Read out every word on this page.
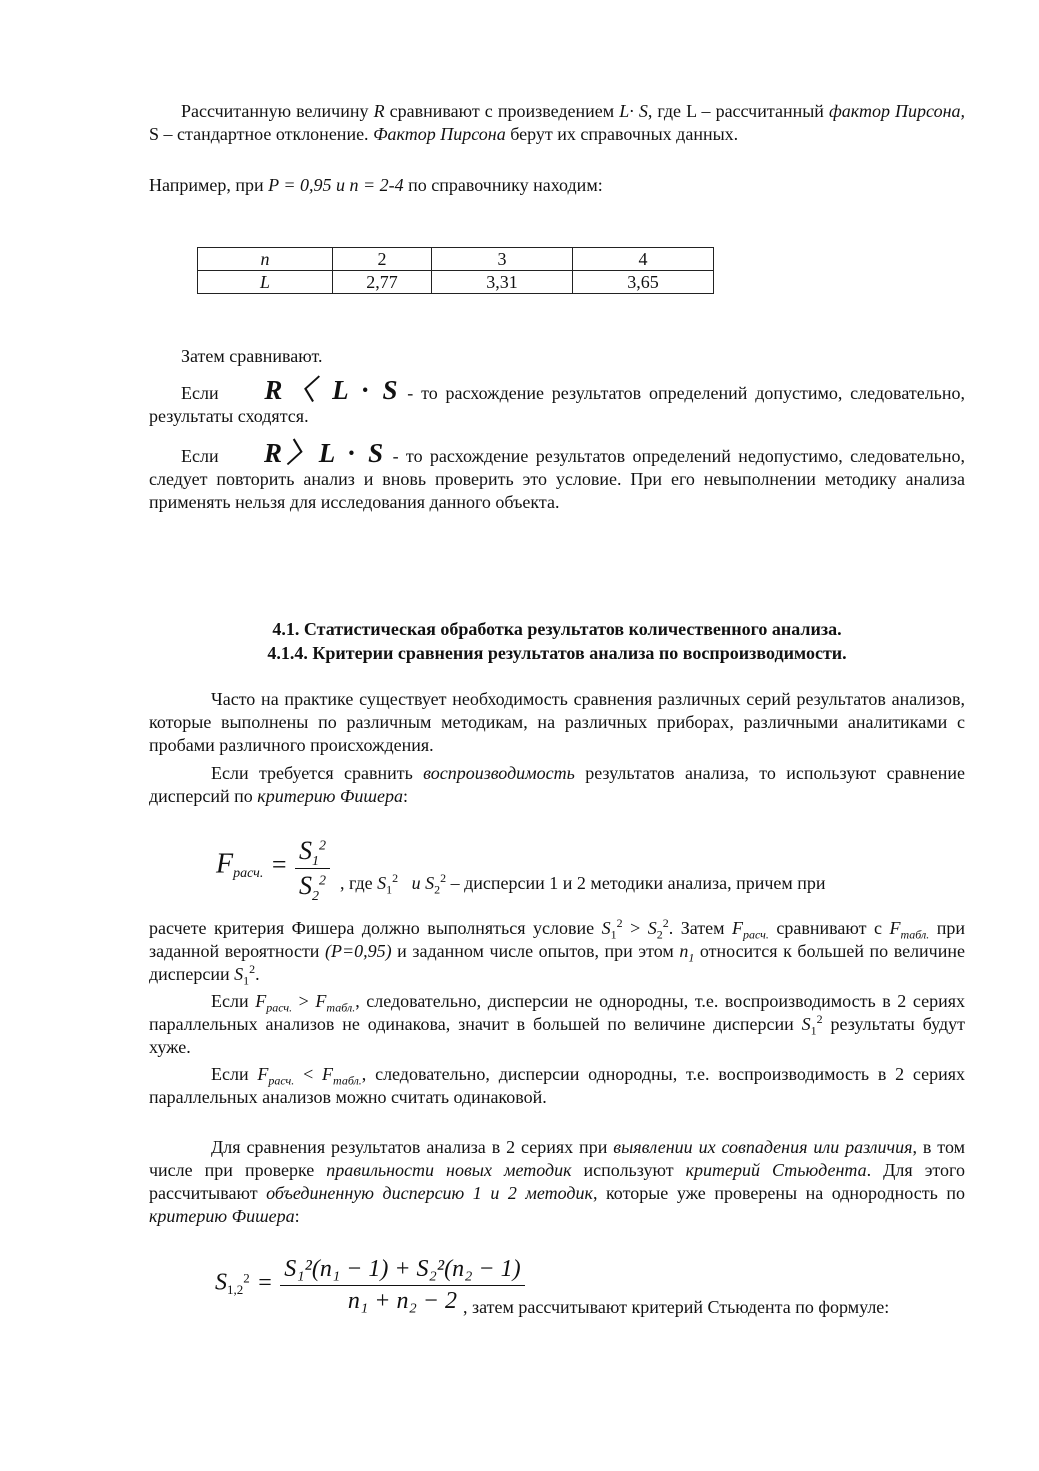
Рассчитанную величину R сравнивают с произведением L· S, где L – рассчитанный фактор Пирсона, S – стандартное отклонение. Фактор Пирсона берут их справочных данных.
Например, при P = 0,95 и n = 2-4 по справочнику находим:
n	2	3	4
L	2,77	3,31	3,65
Затем сравнивают.
Если R〈 L · S - то расхождение результатов определений допустимо, следовательно, результаты сходятся.
Если R〉L · S - то расхождение результатов определений недопустимо, следовательно, следует повторить анализ и вновь проверить это условие. При его невыполнении методику анализа применять нельзя для исследования данного объекта.
4.1. Статистическая обработка результатов количественного анализа.
4.1.4. Критерии сравнения результатов анализа по воспроизводимости.
Часто на практике существует необходимость сравнения различных серий результатов анализов, которые выполнены по различным методикам, на различных приборах, различными аналитиками с пробами различного происхождения.
Если требуется сравнить воспроизводимость результатов анализа, то используют сравнение дисперсий по критерию Фишера:
$F_{расч.} = \frac{S_1^2}{S_2^2}$ , где $S_1^2$   и $S_2^2$ – дисперсии 1 и 2 методики анализа, причем при
расчете критерия Фишера должно выполняться условие $S_1^2 > S_2^2$. Затем $F_{расч.}$ сравнивают с $F_{табл.}$ при заданной вероятности (P=0,95) и заданном числе опытов, при этом $n_1$ относится к большей по величине дисперсии $S_1^2$.
Если $F_{расч.} > F_{табл.}$, следовательно, дисперсии не однородны, т.е. воспроизводимость в 2 сериях параллельных анализов не одинакова, значит в большей по величине дисперсии $S_1^2$ результаты будут хуже.
Если $F_{расч.} < F_{табл.}$, следовательно, дисперсии однородны, т.е. воспроизводимость в 2 сериях параллельных анализов можно считать одинаковой.
Для сравнения результатов анализа в 2 сериях при выявлении их совпадения или различия, в том числе при проверке правильности новых методик используют критерий Стьюдента. Для этого рассчитывают объединенную дисперсию 1 и 2 методик, которые уже проверены на однородность по критерию Фишера:
$S_{1,2}^2 = \frac{\text{S₁²(n₁ − 1) + S₂²(n₂ − 1)}}{\text{n₁ + n₂ − 2}}$
, затем рассчитывают критерий Стьюдента по формуле:
